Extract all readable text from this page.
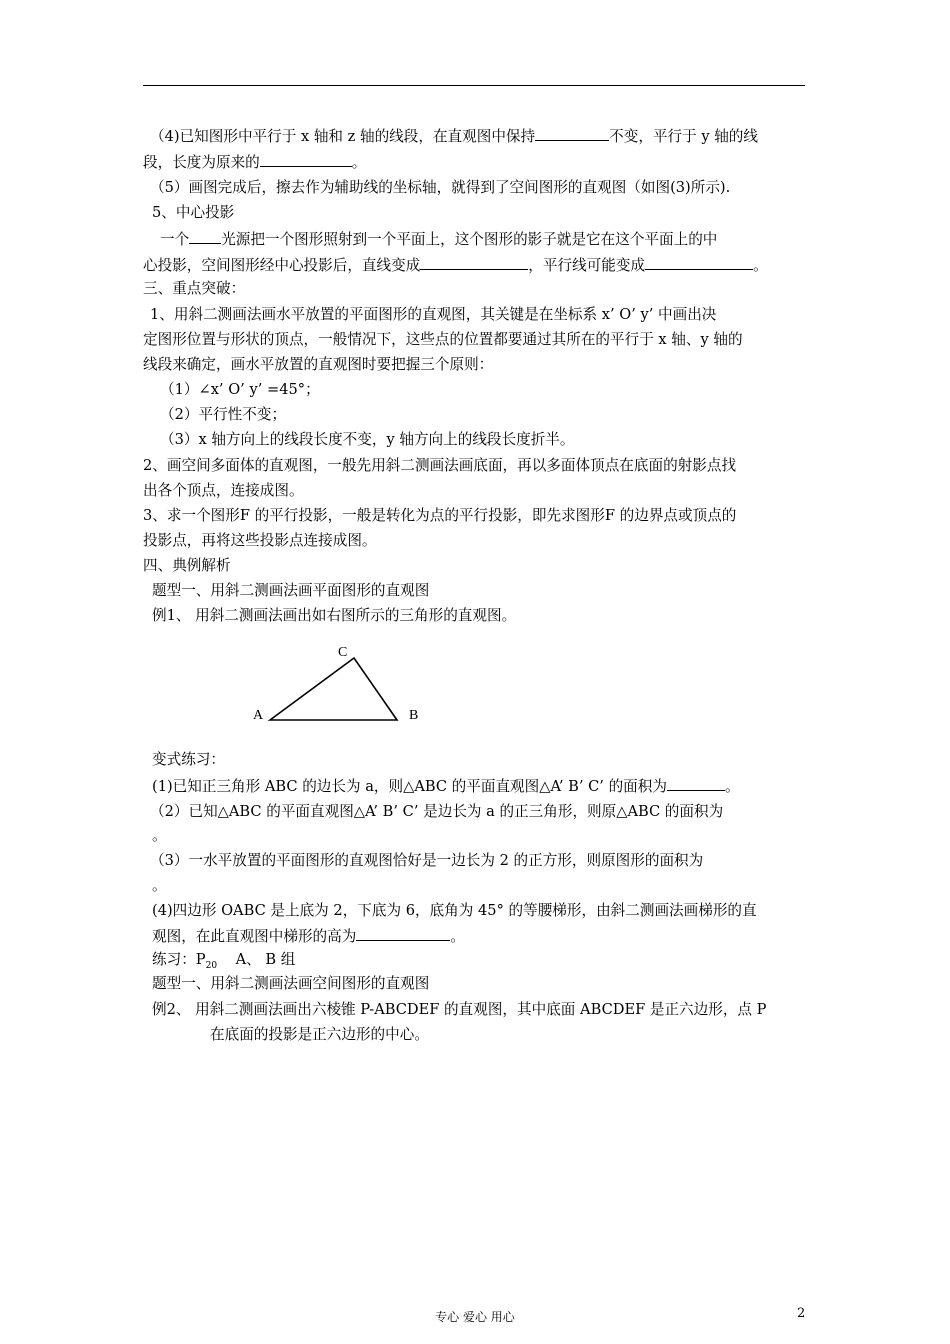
（4)已知图形中平行于 x 轴和 z 轴的线段，在直观图中保持	不变，平行于 y 轴的线
段，长度为原来的	。
（5）画图完成后，擦去作为辅助线的坐标轴，就得到了空间图形的直观图（如图(3)所示).
5、中心投影
一个 光源把一个图形照射到一个平面上，这个图形的影子就是它在这个平面上的中
心投影，空间图形经中心投影后，直线变成	，平行线可能变成	。
三、重点突破：
1、用斜二测画法画水平放置的平面图形的直观图，其关键是在坐标系 x’ O’ y’ 中画出决
定图形位置与形状的顶点，一般情况下，这些点的位置都要通过其所在的平行于 x 轴、y 轴的
线段来确定，画水平放置的直观图时要把握三个原则：
（1）∠x’ O’ y’ =45°；
（2）平行性不变；
（3）x 轴方向上的线段长度不变，y 轴方向上的线段长度折半。
2、画空间多面体的直观图，一般先用斜二测画法画底面，再以多面体顶点在底面的射影点找
出各个顶点，连接成图。
3、求一个图形F 的平行投影，一般是转化为点的平行投影，即先求图形F 的边界点或顶点的
投影点，再将这些投影点连接成图。
四、典例解析
题型一、用斜二测画法画平面图形的直观图
例1、 用斜二测画法画出如右图所示的三角形的直观图。
C
A	B
变式练习：
(1)已知正三角形 ABC 的边长为 a，则△ABC 的平面直观图△A’ B’ C’ 的面积为	。
（2）已知△ABC 的平面直观图△A’ B’ C’ 是边长为 a 的正三角形，则原△ABC 的面积为
。
（3）一水平放置的平面图形的直观图恰好是一边长为 2 的正方形，则原图形的面积为
。
(4)四边形 OABC 是上底为 2，下底为 6，底角为 45° 的等腰梯形，由斜二测画法画梯形的直
观图，在此直观图中梯形的高为	。
练习：$P_{20}$    A、 B 组
题型一、用斜二测画法画空间图形的直观图
例2、 用斜二测画法画出六棱锥 P-ABCDEF 的直观图，其中底面 ABCDEF 是正六边形，点 P
在底面的投影是正六边形的中心。
专心 爱心 用心	2
